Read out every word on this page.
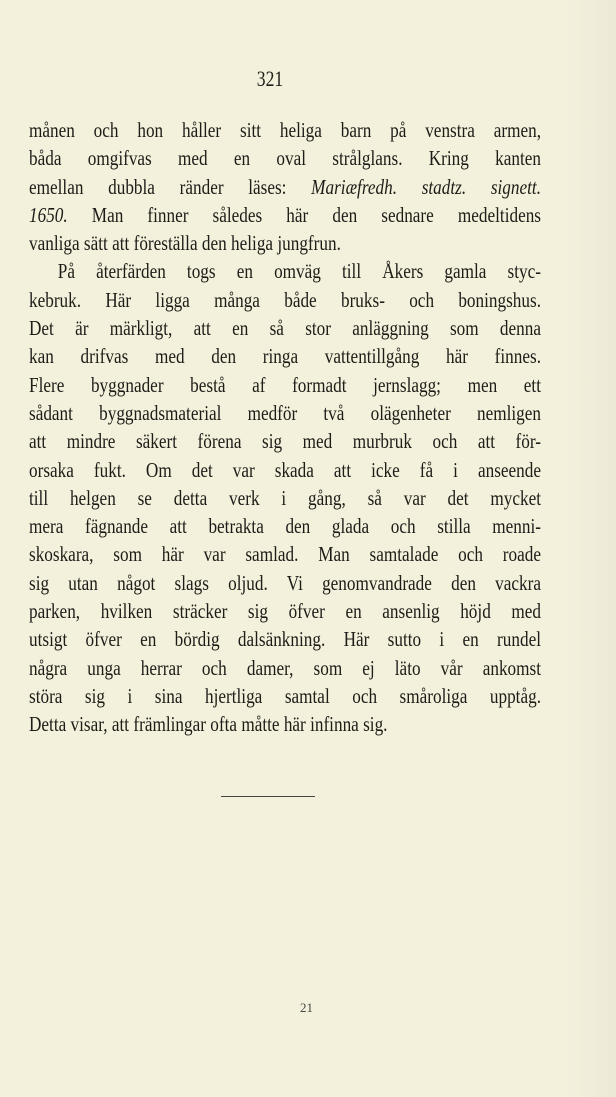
321
månen och hon håller sitt heliga barn på venstra armen,
båda omgifvas med en oval strålglans. Kring kanten
emellan dubbla ränder läses: Mariæfredh. stadtz. signett.
1650. Man finner således här den sednare medeltidens
vanliga sätt att föreställa den heliga jungfrun.
På återfärden togs en omväg till Åkers gamla styc-
kebruk. Här ligga många både bruks- och boningshus.
Det är märkligt, att en så stor anläggning som denna
kan drifvas med den ringa vattentillgång här finnes.
Flere byggnader bestå af formadt jernslagg; men ett
sådant byggnadsmaterial medför två olägenheter nemligen
att mindre säkert förena sig med murbruk och att för-
orsaka fukt. Om det var skada att icke få i anseende
till helgen se detta verk i gång, så var det mycket
mera fägnande att betrakta den glada och stilla menni-
skoskara, som här var samlad. Man samtalade och roade
sig utan något slags oljud. Vi genomvandrade den vackra
parken, hvilken sträcker sig öfver en ansenlig höjd med
utsigt öfver en bördig dalsänkning. Här sutto i en rundel
några unga herrar och damer, som ej läto vår ankomst
störa sig i sina hjertliga samtal och småroliga upptåg.
Detta visar, att främlingar ofta måtte här infinna sig.
21
